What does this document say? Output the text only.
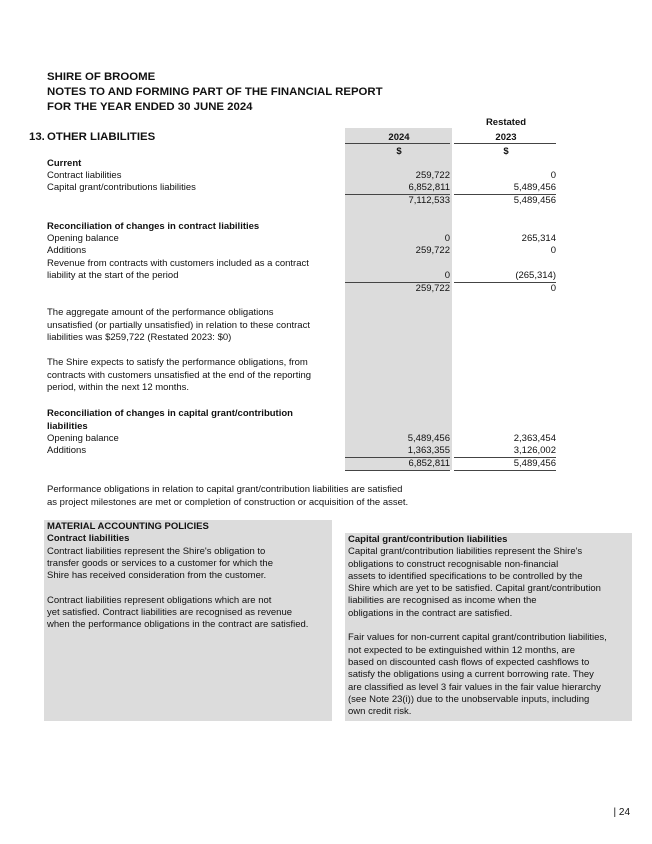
SHIRE OF BROOME
NOTES TO AND FORMING PART OF THE FINANCIAL REPORT
FOR THE YEAR ENDED 30 JUNE 2024
13. OTHER LIABILITIES
Restated
2024	2023
$	$
Current
Contract liabilities	259,722	0
Capital grant/contributions liabilities	6,852,811	5,489,456
7,112,533	5,489,456
Reconciliation of changes in contract liabilities
Opening balance	0	265,314
Additions	259,722	0
Revenue from contracts with customers included as a contract
liability at the start of the period	0	(265,314)
259,722	0
The aggregate amount of the performance obligations
unsatisfied (or partially unsatisfied) in relation to these contract
liabilities was $259,722 (Restated 2023: $0)
The Shire expects to satisfy the performance obligations, from
contracts with customers unsatisfied at the end of the reporting
period, within the next 12 months.
Reconciliation of changes in capital grant/contribution
liabilities
Opening balance	5,489,456	2,363,454
Additions	1,363,355	3,126,002
6,852,811	5,489,456
Performance obligations in relation to capital grant/contribution liabilities are satisfied
as project milestones are met or completion of construction or acquisition of the asset.
MATERIAL ACCOUNTING POLICIES
Contract liabilities
Contract liabilities represent the Shire's obligation to
transfer goods or services to a customer for which the
Shire has received consideration from the customer.
Contract liabilities represent obligations which are not
yet satisfied. Contract liabilities are recognised as revenue
when the performance obligations in the contract are satisfied.
Capital grant/contribution liabilities
Capital grant/contribution liabilities represent the Shire's
obligations to construct recognisable non-financial
assets to identified specifications to be controlled by the
Shire which are yet to be satisfied. Capital grant/contribution
liabilities are recognised as income when the
obligations in the contract are satisfied.
Fair values for non-current capital grant/contribution liabilities,
not expected to be extinguished within 12 months, are
based on discounted cash flows of expected cashflows to
satisfy the obligations using a current borrowing rate. They
are classified as level 3 fair values in the fair value hierarchy
(see Note 23(i)) due to the unobservable inputs, including
own credit risk.
| 24
